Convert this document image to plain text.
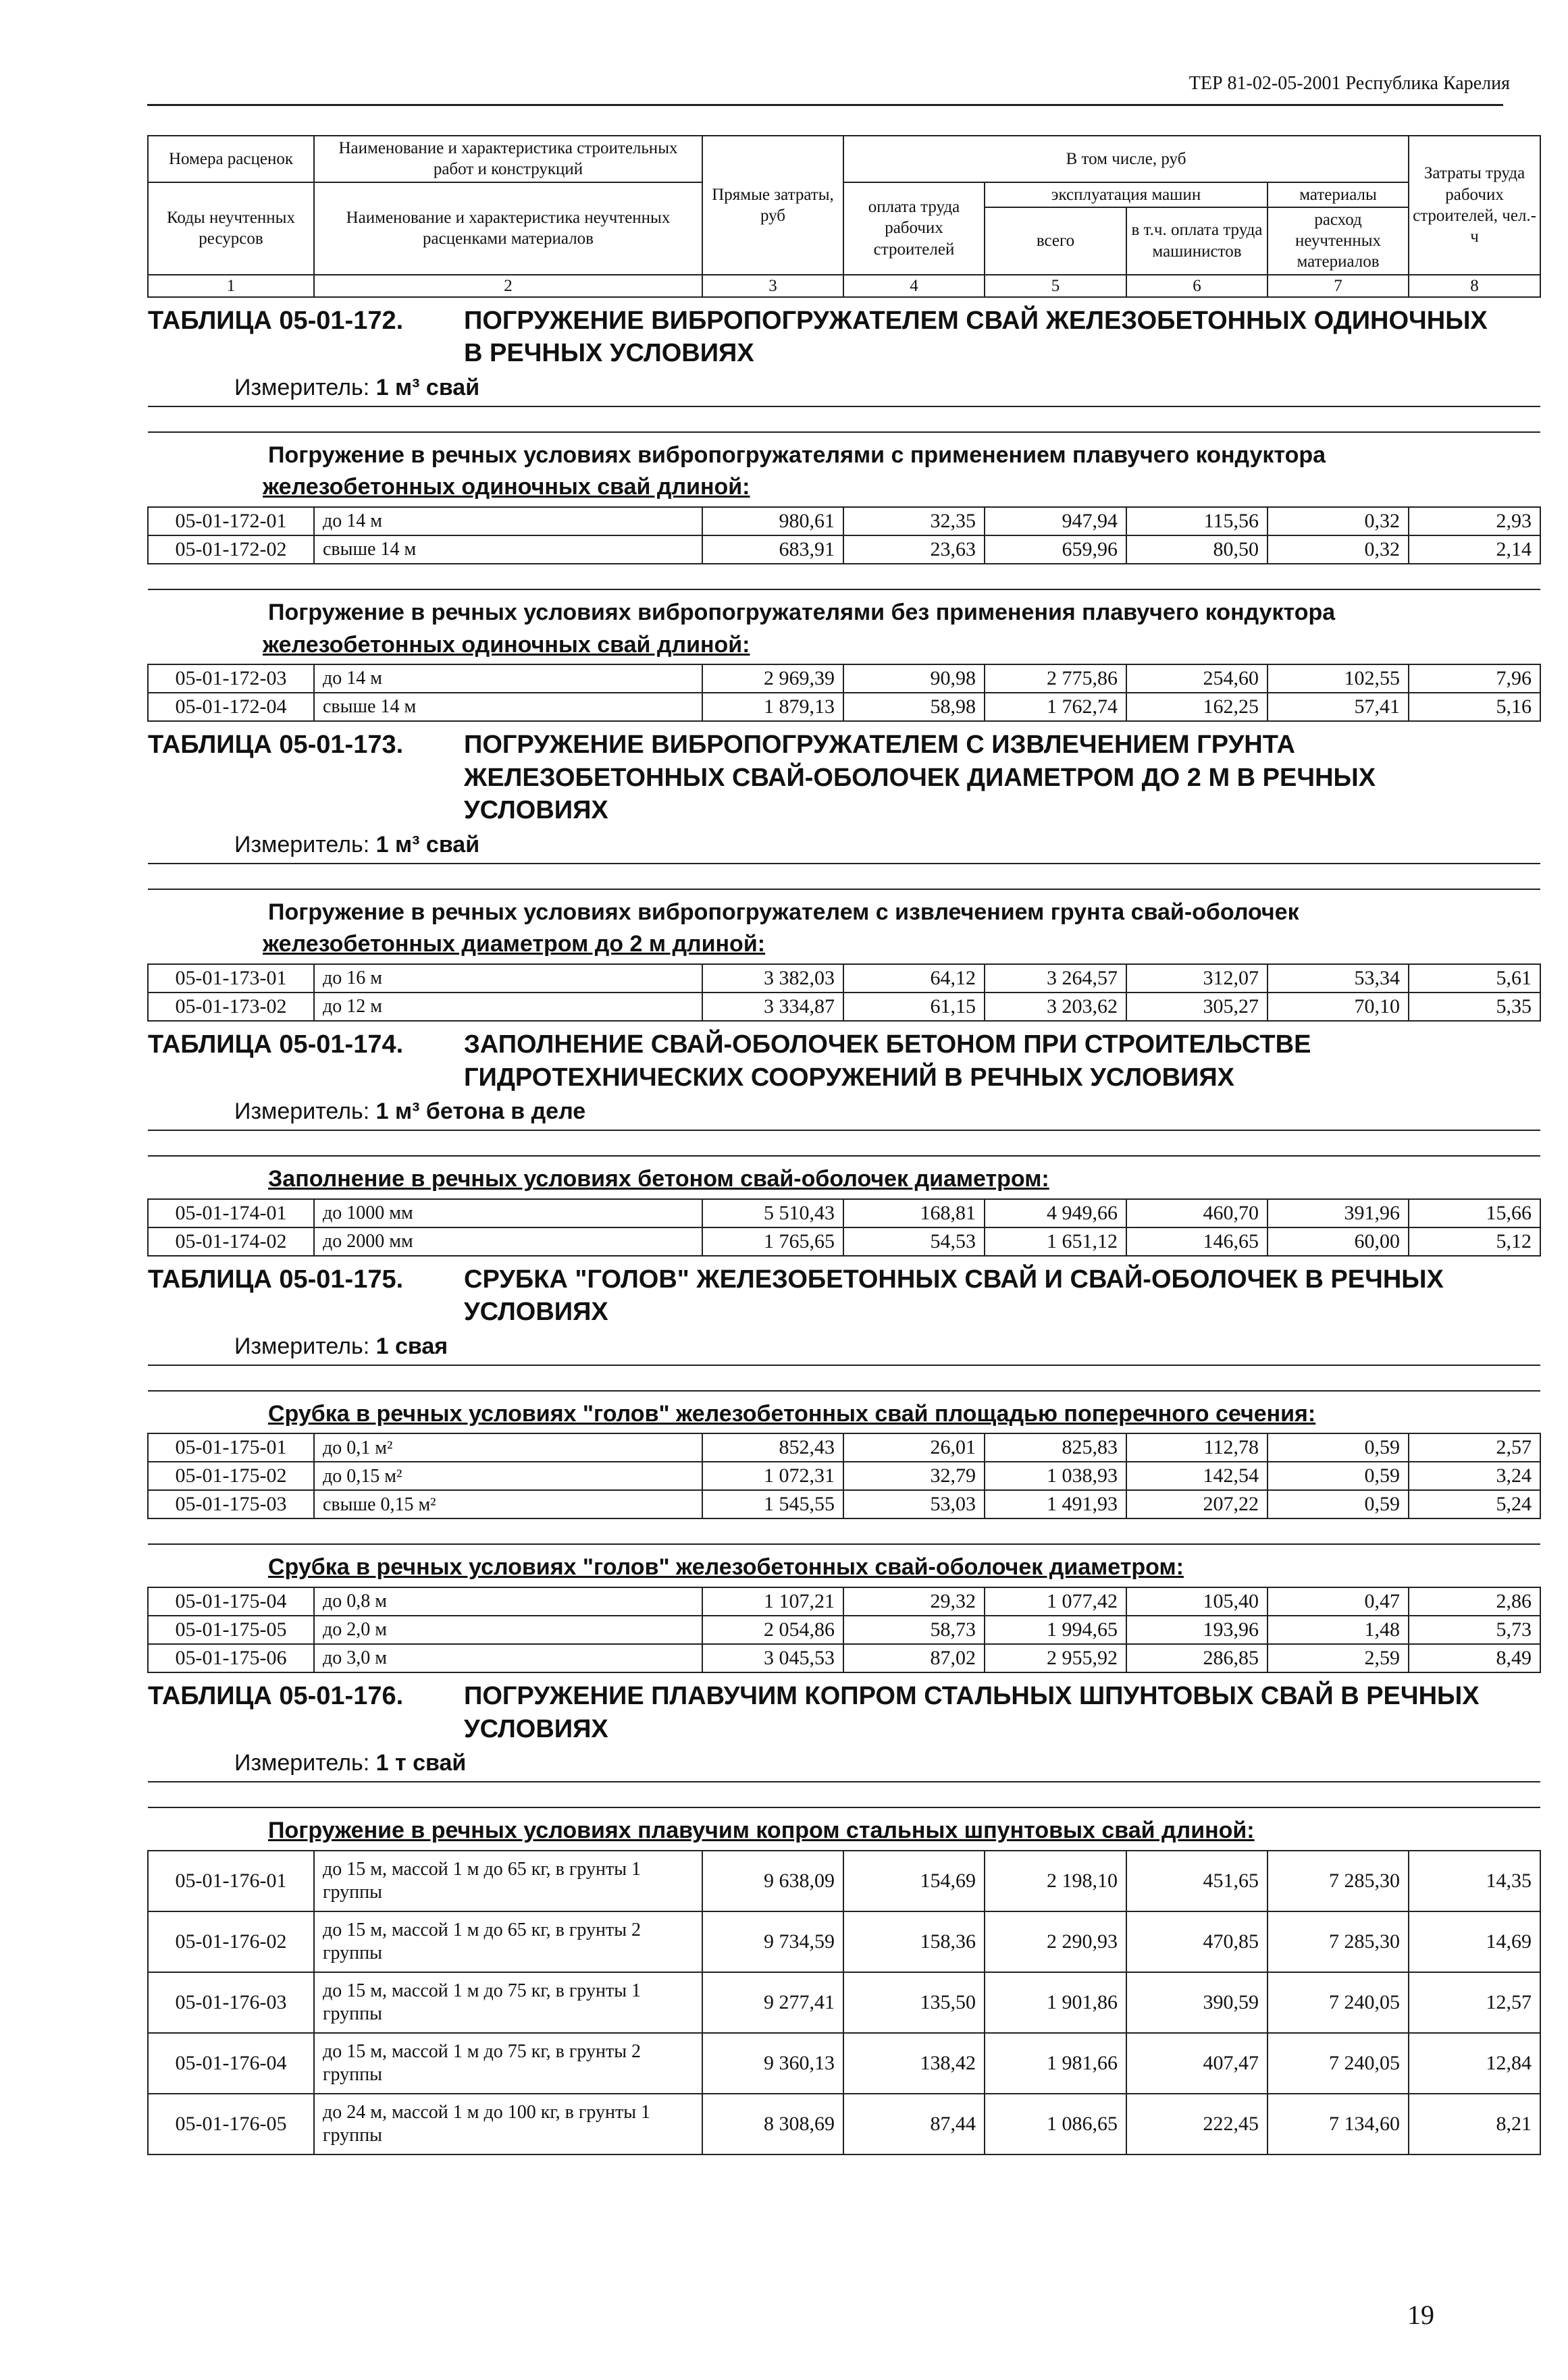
ТЕР 81-02-05-2001 Республика Карелия
Номера расценок	Наименование и характеристика строительных работ и конструкций	Прямые затраты, руб	В том числе, руб				Затраты труда рабочих строителей, чел.-ч
Коды неучтенных ресурсов	Наименование и характеристика неучтенных расценками материалов		оплата труда рабочих строителей	эксплуатация машин		материалы	
				всего	в т.ч. оплата труда машинистов	расход неучтенных материалов	
1	2	3	4	5	6	7	8
ТАБЛИЦА 05-01-172. ПОГРУЖЕНИЕ ВИБРОПОГРУЖАТЕЛЕМ СВАЙ ЖЕЛЕЗОБЕТОННЫХ ОДИНОЧНЫХ В РЕЧНЫХ УСЛОВИЯХ							
Измеритель: 1 м³ свай							

Погружение в речных условиях вибропогружателями с применением плавучего кондуктора
железобетонных одиночных свай длиной:							

05-01-172-01	до 14 м	980,61	32,35	947,94	115,56	0,32	2,93
05-01-172-02	свыше 14 м	683,91	23,63	659,96	80,50	0,32	2,14

Погружение в речных условиях вибропогружателями без применения плавучего кондуктора
железобетонных одиночных свай длиной:							

05-01-172-03	до 14 м	2 969,39	90,98	2 775,86	254,60	102,55	7,96
05-01-172-04	свыше 14 м	1 879,13	58,98	1 762,74	162,25	57,41	5,16
ТАБЛИЦА 05-01-173. ПОГРУЖЕНИЕ ВИБРОПОГРУЖАТЕЛЕМ С ИЗВЛЕЧЕНИЕМ ГРУНТА ЖЕЛЕЗОБЕТОННЫХ СВАЙ-ОБОЛОЧЕК ДИАМЕТРОМ ДО 2 М В РЕЧНЫХ УСЛОВИЯХ							
Измеритель: 1 м³ свай							

Погружение в речных условиях вибропогружателем с извлечением грунта свай-оболочек
железобетонных диаметром до 2 м длиной:							

05-01-173-01	до 16 м	3 382,03	64,12	3 264,57	312,07	53,34	5,61
05-01-173-02	до 12 м	3 334,87	61,15	3 203,62	305,27	70,10	5,35
ТАБЛИЦА 05-01-174. ЗАПОЛНЕНИЕ СВАЙ-ОБОЛОЧЕК БЕТОНОМ ПРИ СТРОИТЕЛЬСТВЕ ГИДРОТЕХНИЧЕСКИХ СООРУЖЕНИЙ В РЕЧНЫХ УСЛОВИЯХ							
Измеритель: 1 м³ бетона в деле							

Заполнение в речных условиях бетоном свай-оболочек диаметром:							

05-01-174-01	до 1000 мм	5 510,43	168,81	4 949,66	460,70	391,96	15,66
05-01-174-02	до 2000 мм	1 765,65	54,53	1 651,12	146,65	60,00	5,12
ТАБЛИЦА 05-01-175. СРУБКА "ГОЛОВ" ЖЕЛЕЗОБЕТОННЫХ СВАЙ И СВАЙ-ОБОЛОЧЕК В РЕЧНЫХ УСЛОВИЯХ							
Измеритель: 1 свая							

Срубка в речных условиях "голов" железобетонных свай площадью поперечного сечения:							

05-01-175-01	до 0,1 м²	852,43	26,01	825,83	112,78	0,59	2,57
05-01-175-02	до 0,15 м²	1 072,31	32,79	1 038,93	142,54	0,59	3,24
05-01-175-03	свыше 0,15 м²	1 545,55	53,03	1 491,93	207,22	0,59	5,24

Срубка в речных условиях "голов" железобетонных свай-оболочек диаметром:							

05-01-175-04	до 0,8 м	1 107,21	29,32	1 077,42	105,40	0,47	2,86
05-01-175-05	до 2,0 м	2 054,86	58,73	1 994,65	193,96	1,48	5,73
05-01-175-06	до 3,0 м	3 045,53	87,02	2 955,92	286,85	2,59	8,49
ТАБЛИЦА 05-01-176. ПОГРУЖЕНИЕ ПЛАВУЧИМ КОПРОМ СТАЛЬНЫХ ШПУНТОВЫХ СВАЙ В РЕЧНЫХ УСЛОВИЯХ							
Измеритель: 1 т свай							

Погружение в речных условиях плавучим копром стальных шпунтовых свай длиной:							

05-01-176-01	до 15 м, массой 1 м до 65 кг, в грунты 1 группы	9 638,09	154,69	2 198,10	451,65	7 285,30	14,35
05-01-176-02	до 15 м, массой 1 м до 65 кг, в грунты 2 группы	9 734,59	158,36	2 290,93	470,85	7 285,30	14,69
05-01-176-03	до 15 м, массой 1 м до 75 кг, в грунты 1 группы	9 277,41	135,50	1 901,86	390,59	7 240,05	12,57
05-01-176-04	до 15 м, массой 1 м до 75 кг, в грунты 2 группы	9 360,13	138,42	1 981,66	407,47	7 240,05	12,84
05-01-176-05	до 24 м, массой 1 м до 100 кг, в грунты 1 группы	8 308,69	87,44	1 086,65	222,45	7 134,60	8,21
19
